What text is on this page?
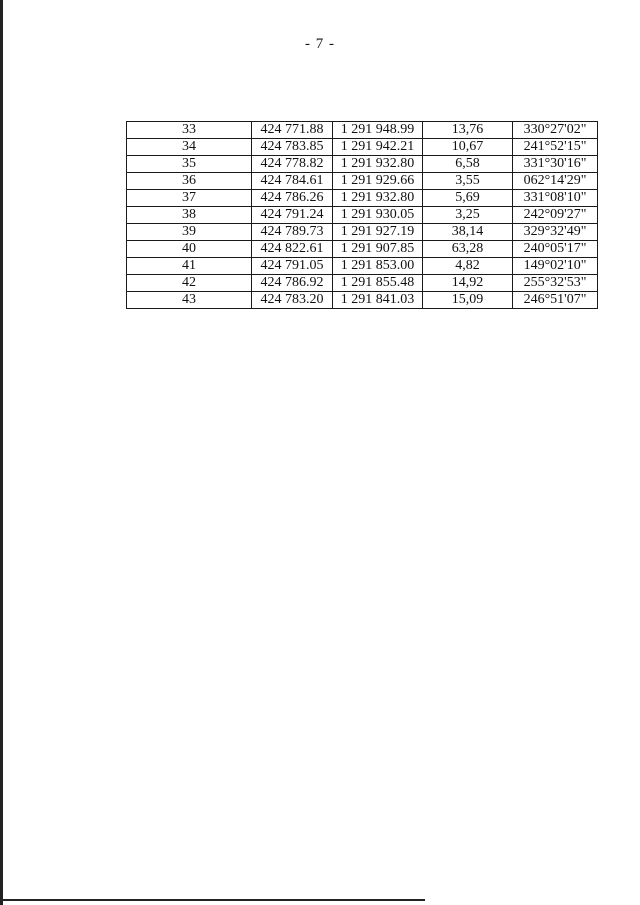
- 7 -
33	424 771.88	1 291 948.99	13,76	330°27'02"
34	424 783.85	1 291 942.21	10,67	241°52'15"
35	424 778.82	1 291 932.80	6,58	331°30'16"
36	424 784.61	1 291 929.66	3,55	062°14'29"
37	424 786.26	1 291 932.80	5,69	331°08'10"
38	424 791.24	1 291 930.05	3,25	242°09'27"
39	424 789.73	1 291 927.19	38,14	329°32'49"
40	424 822.61	1 291 907.85	63,28	240°05'17"
41	424 791.05	1 291 853.00	4,82	149°02'10"
42	424 786.92	1 291 855.48	14,92	255°32'53"
43	424 783.20	1 291 841.03	15,09	246°51'07"
